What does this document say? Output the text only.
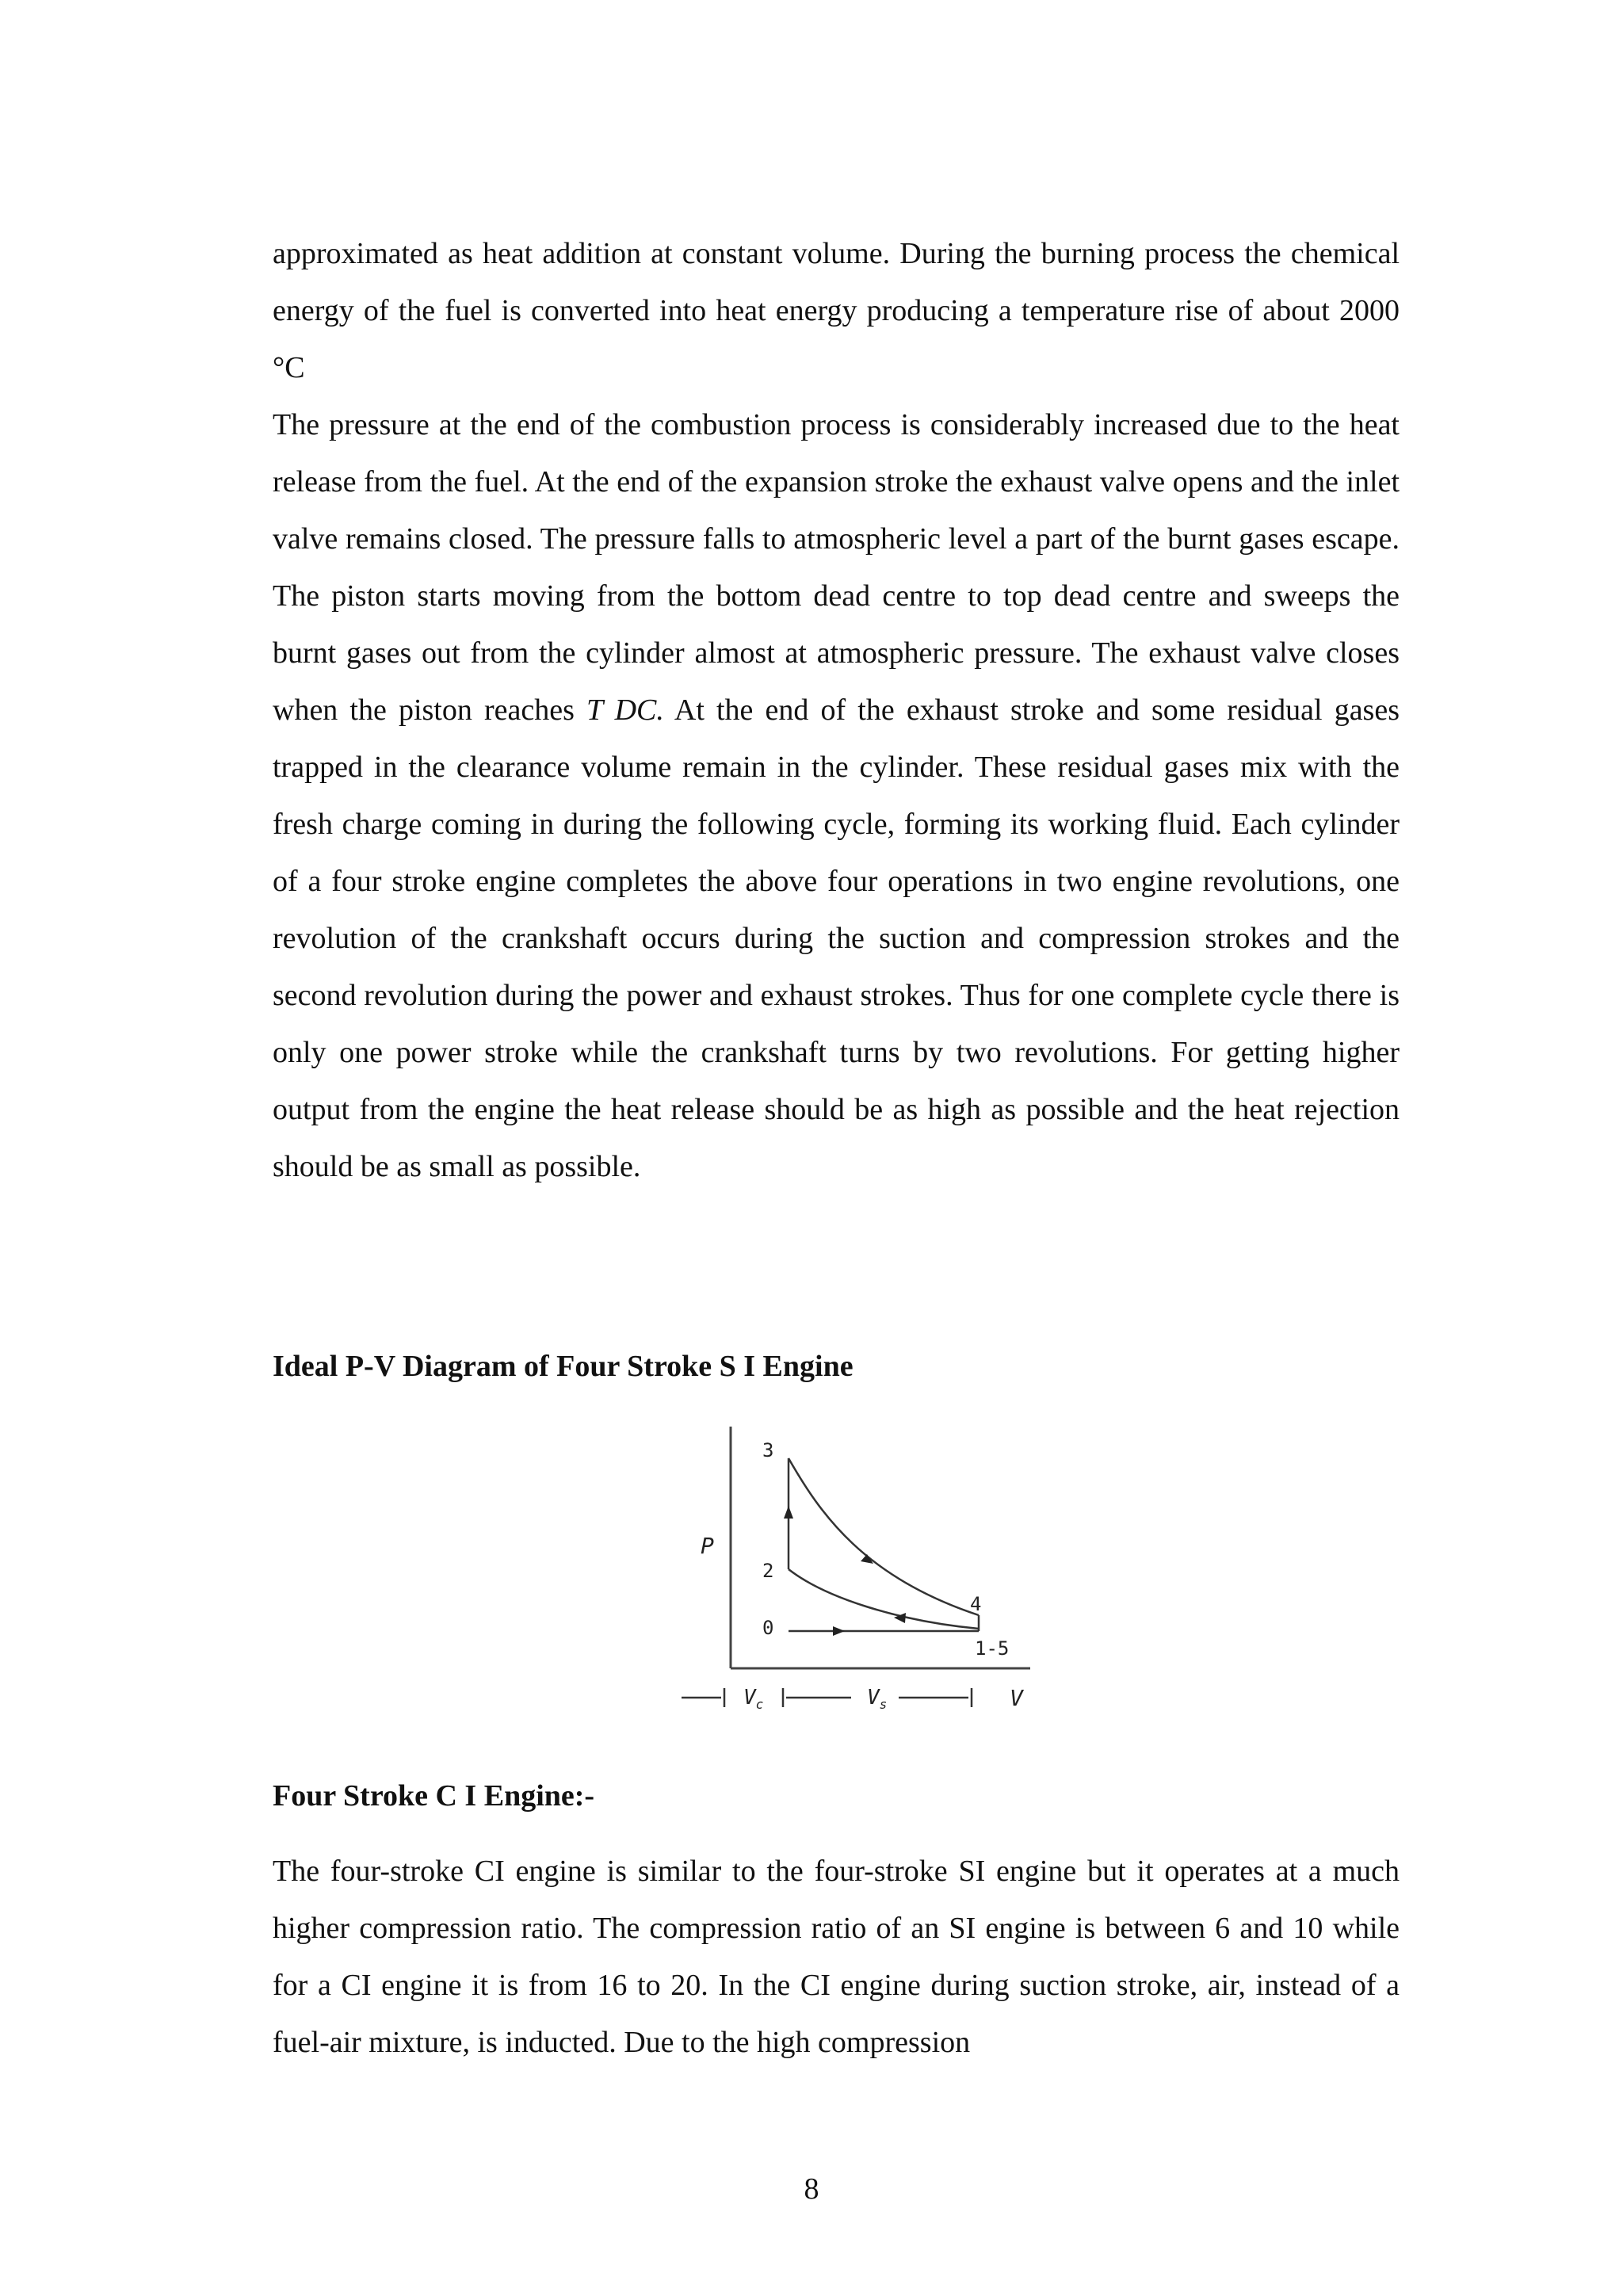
approximated as heat addition at constant volume. During the burning process the chemical energy of the fuel is converted into heat energy producing a temperature rise of about 2000 °C

The pressure at the end of the combustion process is considerably increased due to the heat release from the fuel. At the end of the expansion stroke the exhaust valve opens and the inlet valve remains closed. The pressure falls to atmospheric level a part of the burnt gases escape. The piston starts moving from the bottom dead centre to top dead centre and sweeps the burnt gases out from the cylinder almost at atmospheric pressure. The exhaust valve closes when the piston reaches T DC. At the end of the exhaust stroke and some residual gases trapped in the clearance volume remain in the cylinder. These residual gases mix with the fresh charge coming in during the following cycle, forming its working fluid. Each cylinder of a four stroke engine completes the above four operations in two engine revolutions, one revolution of the crankshaft occurs during the suction and compression strokes and the second revolution during the power and exhaust strokes. Thus for one complete cycle there is only one power stroke while the crankshaft turns by two revolutions. For getting higher output from the engine the heat release should be as high as possible and the heat rejection should be as small as possible.

Ideal P-V Diagram of Four Stroke S I Engine
P
V
3
2
0
4
1-5
$V_c$	$V_s$
Four Stroke C I Engine:-

The four-stroke CI engine is similar to the four-stroke SI engine but it operates at a much higher compression ratio. The compression ratio of an SI engine is between 6 and 10 while for a CI engine it is from 16 to 20. In the CI engine during suction stroke, air, instead of a fuel-air mixture, is inducted. Due to the high compression

8
